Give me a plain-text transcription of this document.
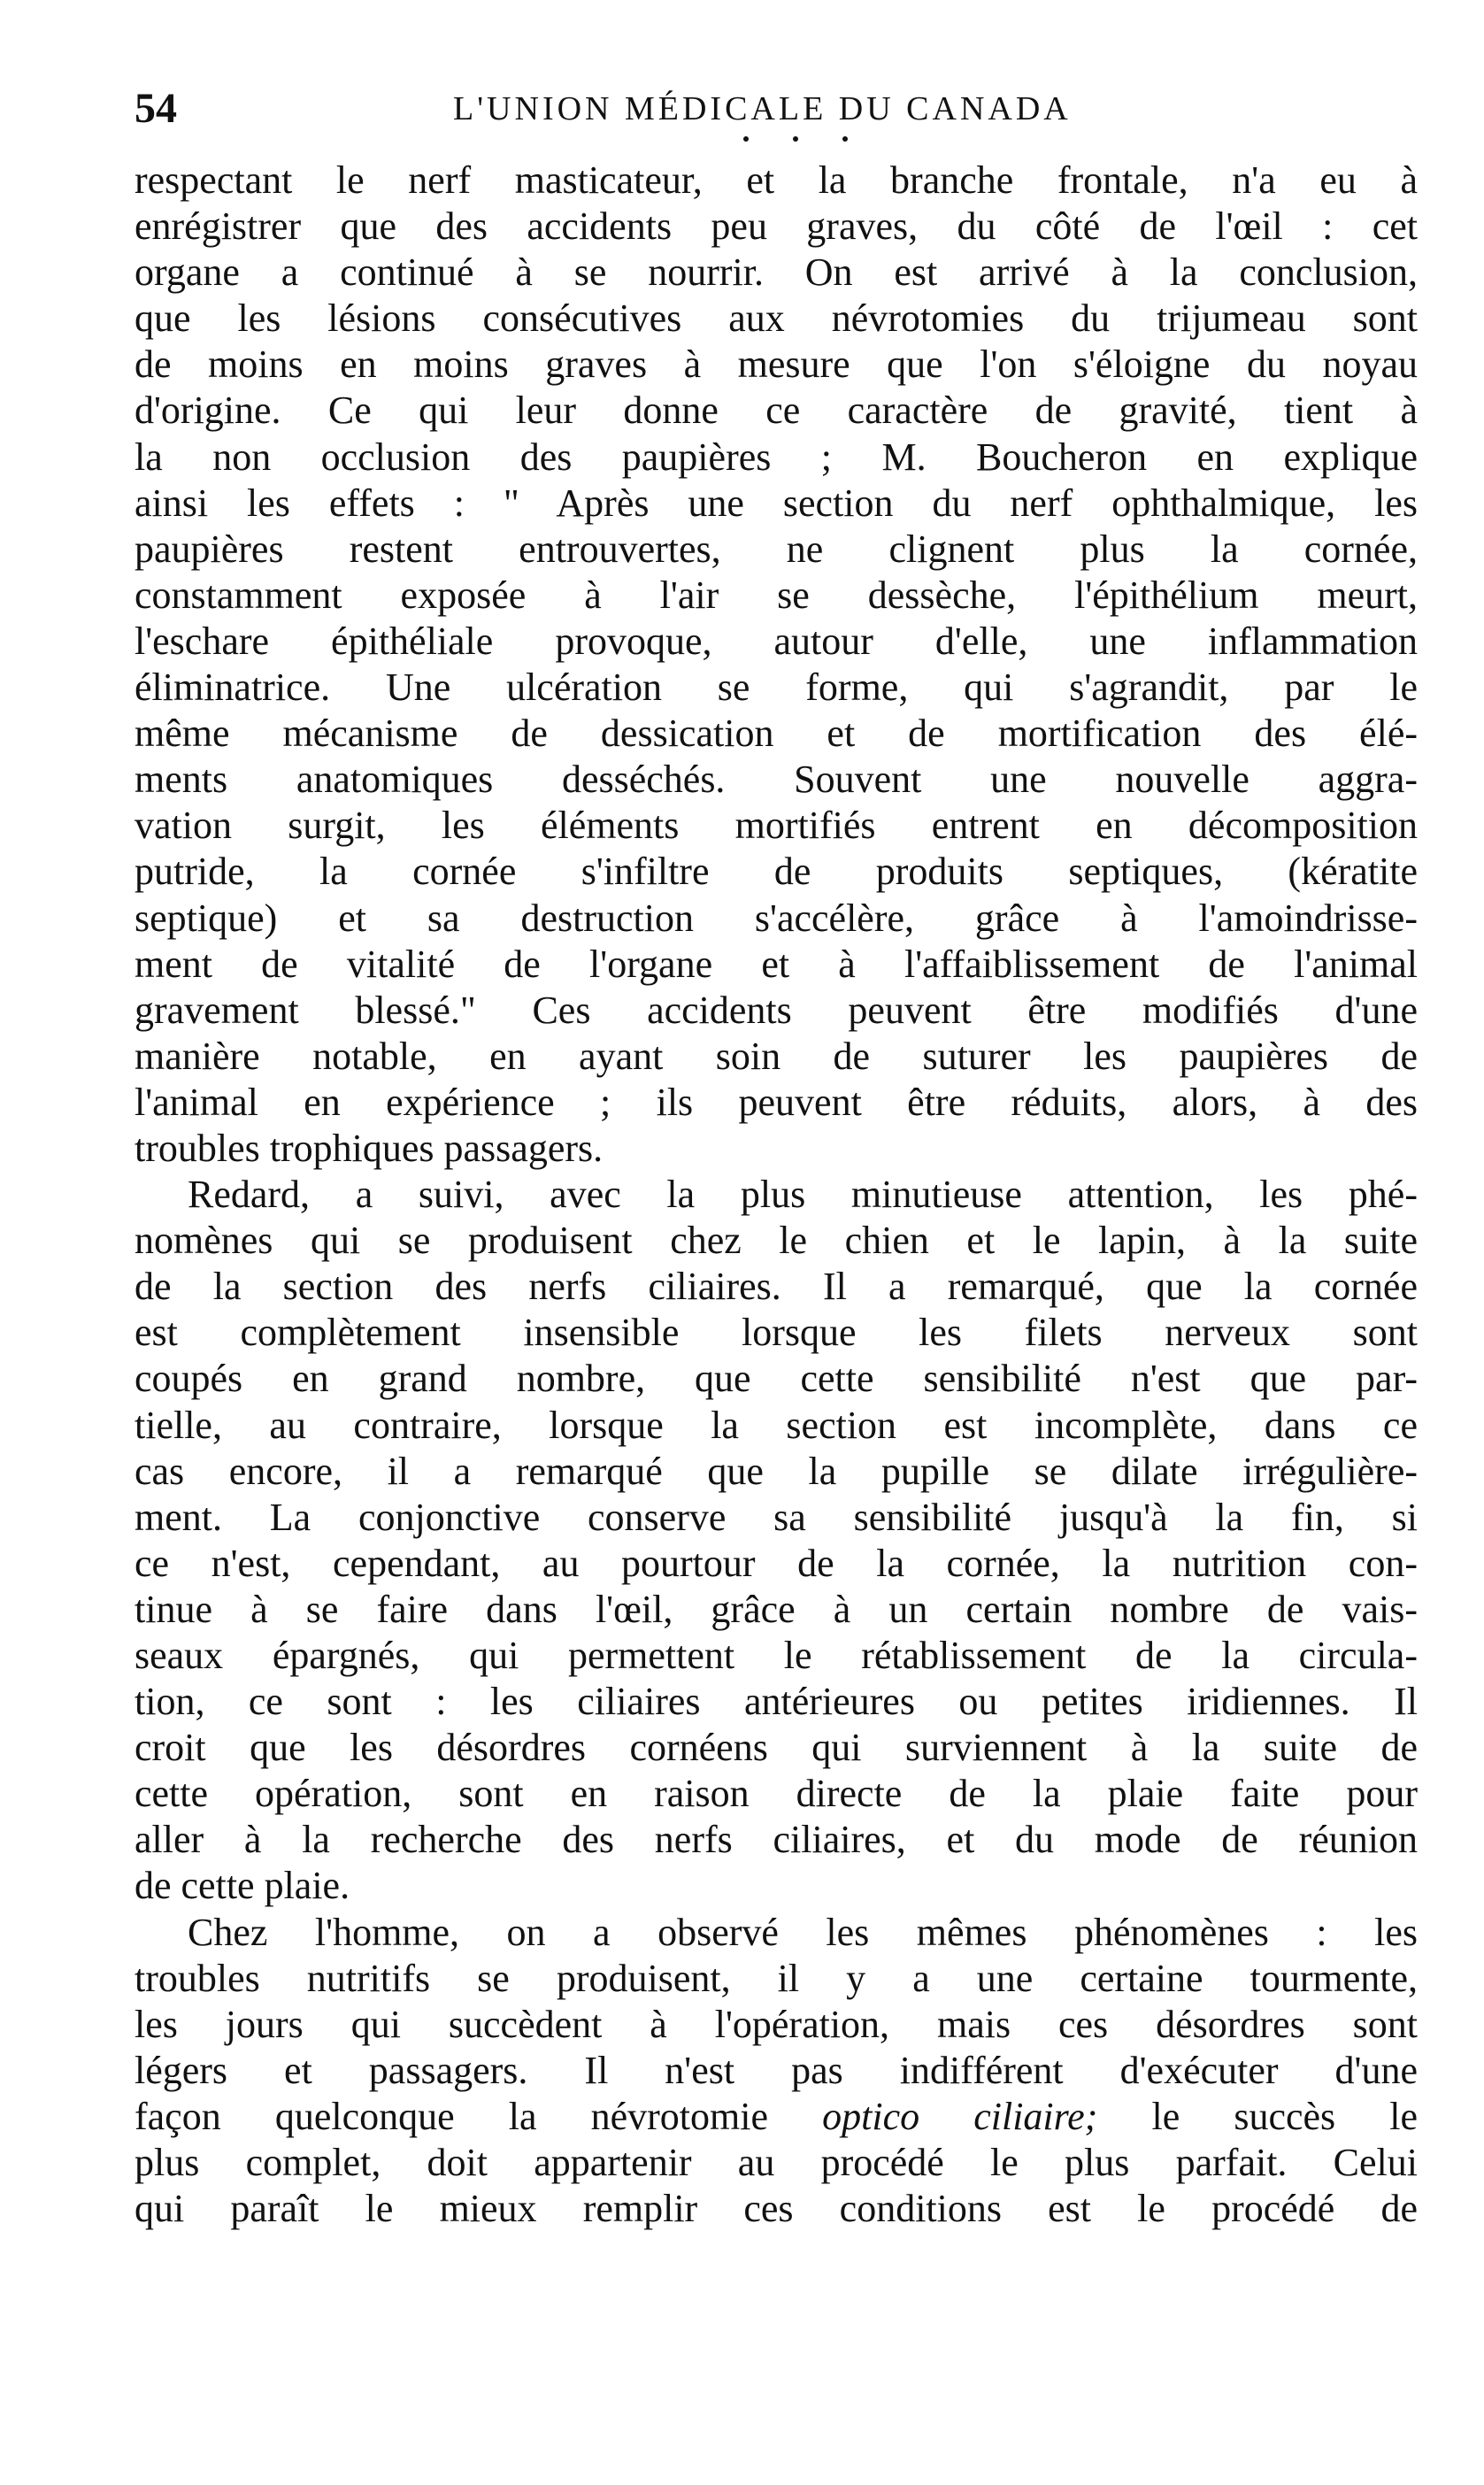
54	L'UNION MÉDICALE DU CANADA
respectant le nerf masticateur, et la branche frontale, n'a eu à
enrégistrer que des accidents peu graves, du côté de l'œil : cet
organe a continué à se nourrir. On est arrivé à la conclusion,
que les lésions consécutives aux névrotomies du trijumeau sont
de moins en moins graves à mesure que l'on s'éloigne du noyau
d'origine. Ce qui leur donne ce caractère de gravité, tient à
la non occlusion des paupières ; M. Boucheron en explique
ainsi les effets : " Après une section du nerf ophthalmique, les
paupières restent entrouvertes, ne clignent plus la cornée,
constamment exposée à l'air se dessèche, l'épithélium meurt,
l'eschare épithéliale provoque, autour d'elle, une inflammation
éliminatrice. Une ulcération se forme, qui s'agrandit, par le
même mécanisme de dessication et de mortification des élé-
ments anatomiques desséchés. Souvent une nouvelle aggra-
vation surgit, les éléments mortifiés entrent en décomposition
putride, la cornée s'infiltre de produits septiques, (kératite
septique) et sa destruction s'accélère, grâce à l'amoindrisse-
ment de vitalité de l'organe et à l'affaiblissement de l'animal
gravement blessé." Ces accidents peuvent être modifiés d'une
manière notable, en ayant soin de suturer les paupières de
l'animal en expérience ; ils peuvent être réduits, alors, à des
troubles trophiques passagers.
Redard, a suivi, avec la plus minutieuse attention, les phé-
nomènes qui se produisent chez le chien et le lapin, à la suite
de la section des nerfs ciliaires. Il a remarqué, que la cornée
est complètement insensible lorsque les filets nerveux sont
coupés en grand nombre, que cette sensibilité n'est que par-
tielle, au contraire, lorsque la section est incomplète, dans ce
cas encore, il a remarqué que la pupille se dilate irrégulière-
ment. La conjonctive conserve sa sensibilité jusqu'à la fin, si
ce n'est, cependant, au pourtour de la cornée, la nutrition con-
tinue à se faire dans l'œil, grâce à un certain nombre de vais-
seaux épargnés, qui permettent le rétablissement de la circula-
tion, ce sont : les ciliaires antérieures ou petites iridiennes. Il
croit que les désordres cornéens qui surviennent à la suite de
cette opération, sont en raison directe de la plaie faite pour
aller à la recherche des nerfs ciliaires, et du mode de réunion
de cette plaie.
Chez l'homme, on a observé les mêmes phénomènes : les
troubles nutritifs se produisent, il y a une certaine tourmente,
les jours qui succèdent à l'opération, mais ces désordres sont
légers et passagers. Il n'est pas indifférent d'exécuter d'une
façon quelconque la névrotomie optico ciliaire; le succès le
plus complet, doit appartenir au procédé le plus parfait. Celui
qui paraît le mieux remplir ces conditions est le procédé de
